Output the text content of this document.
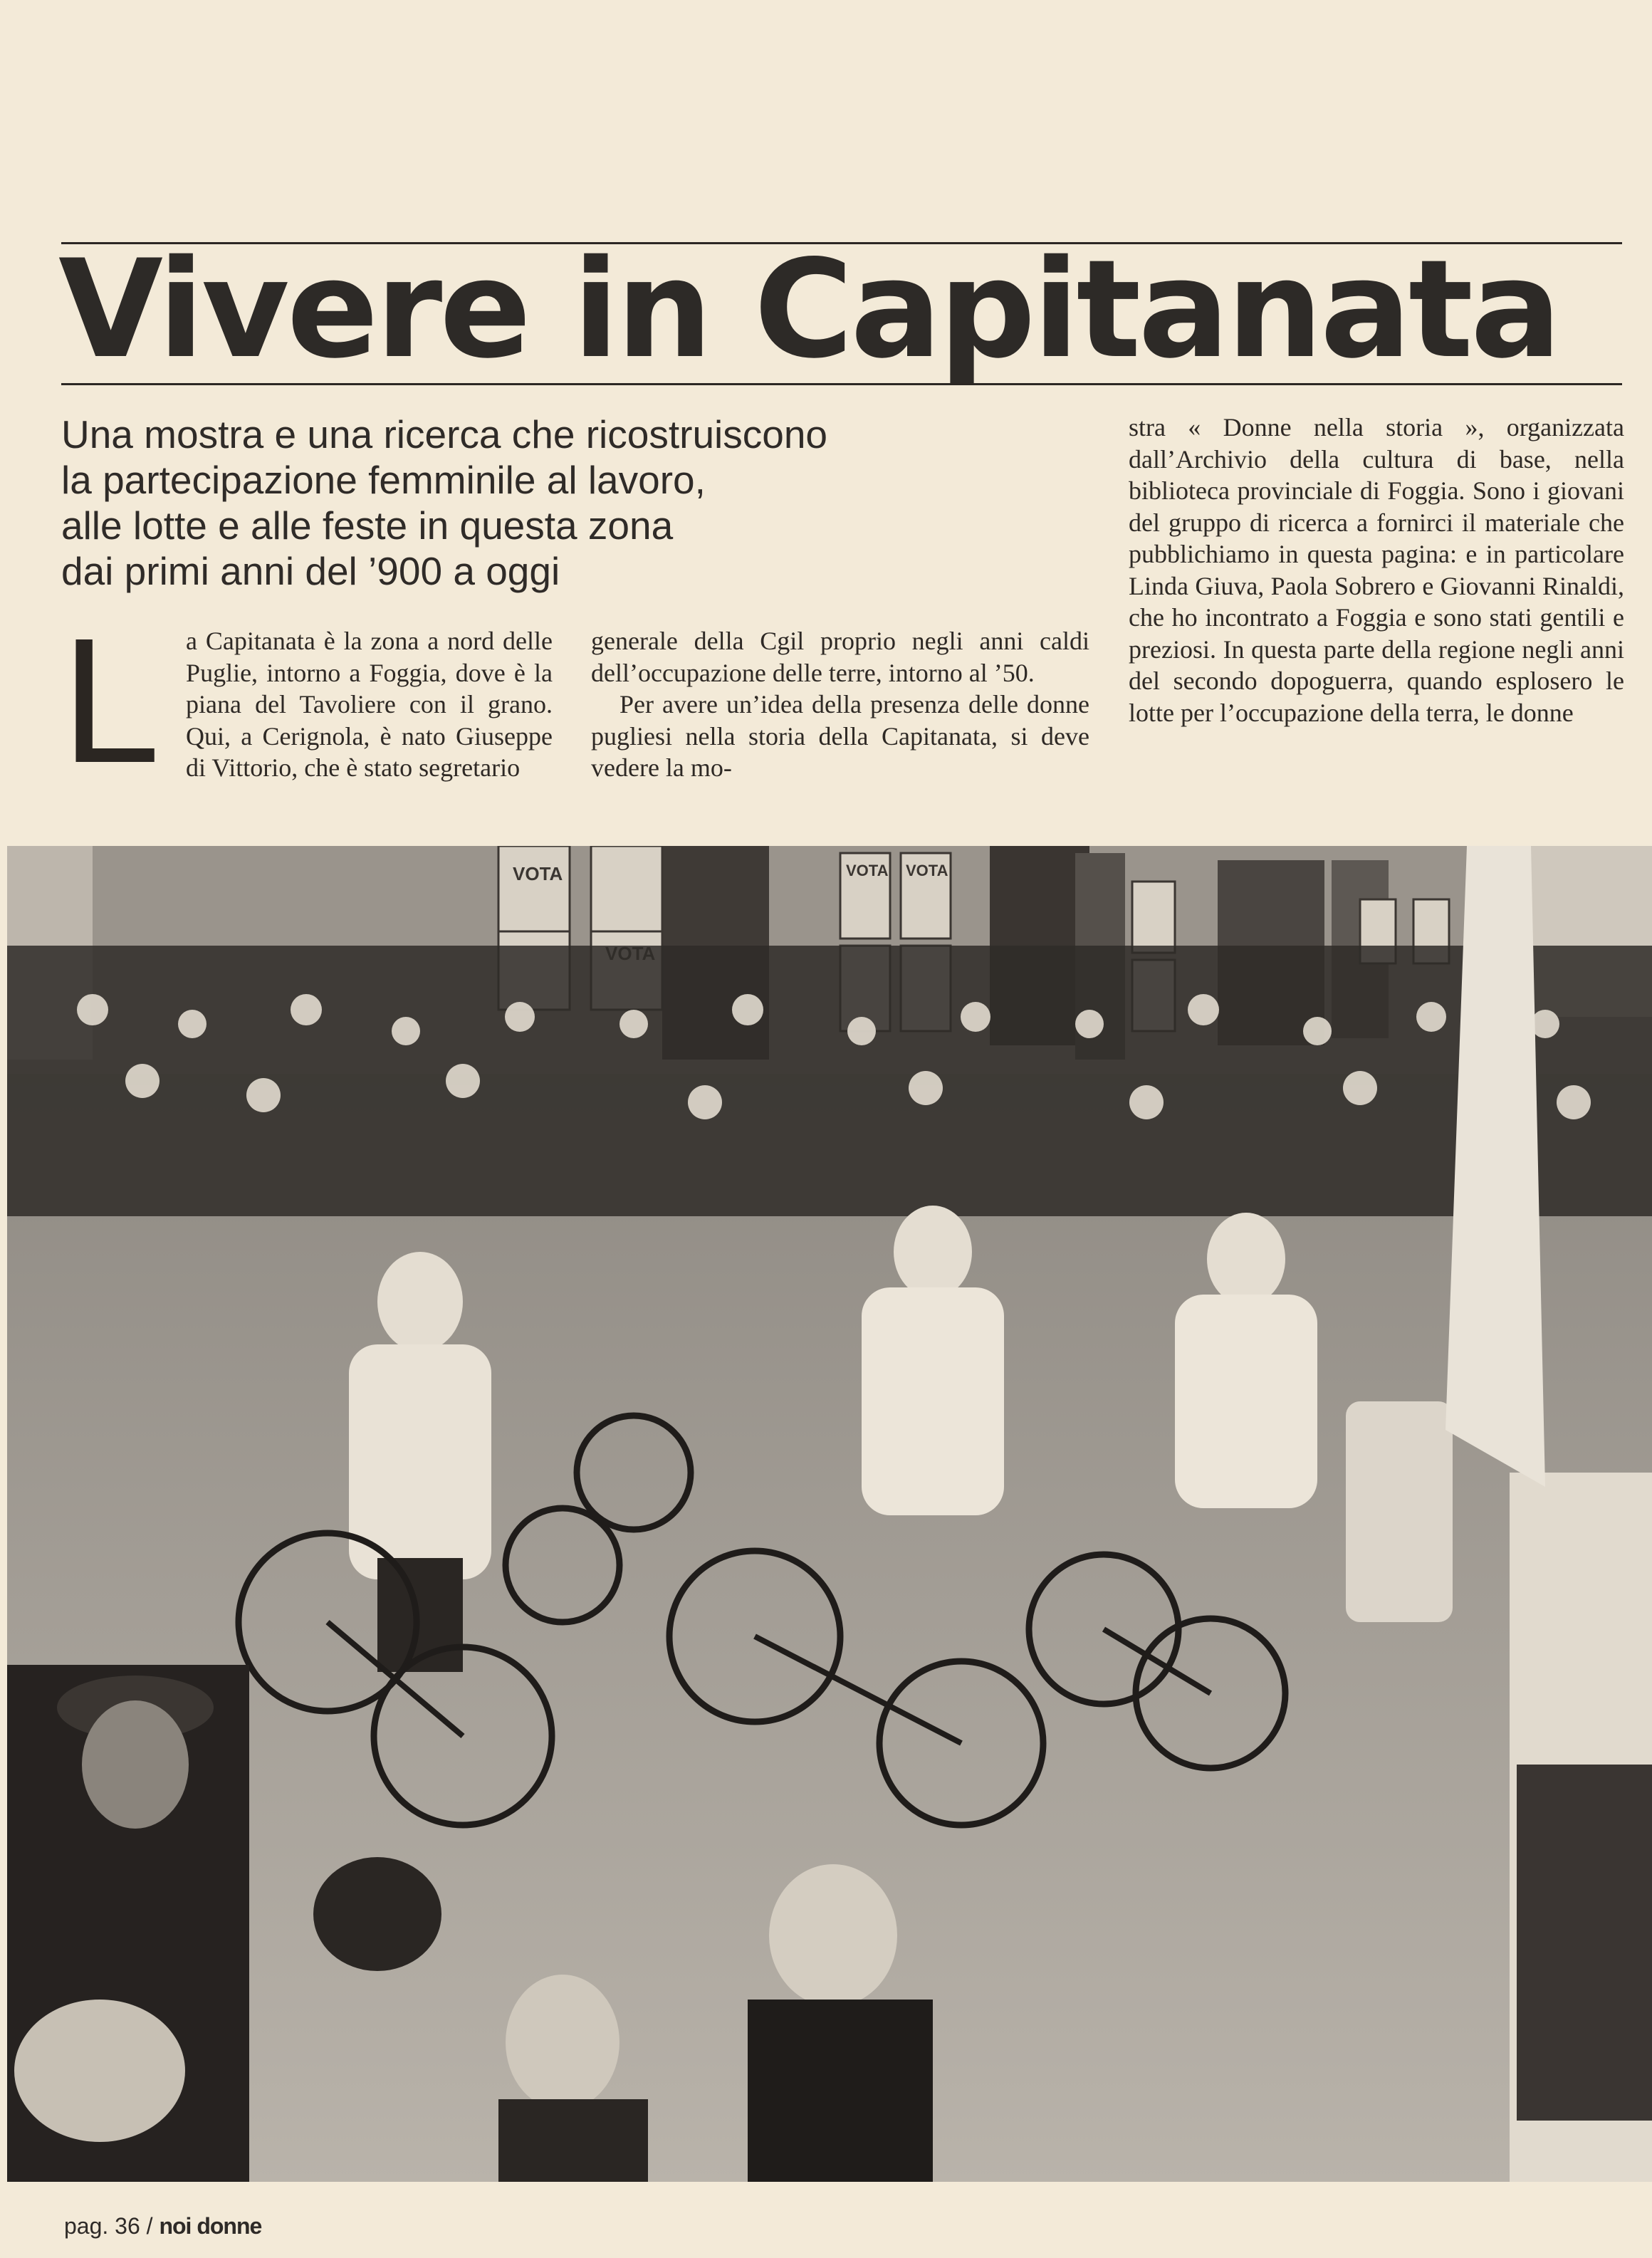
Vivere in Capitanata

Una mostra e una ricerca che ricostruiscono
la partecipazione femminile al lavoro,
alle lotte e alle feste in questa zona
dai primi anni del ’900 a oggi

L	a Capitanata è la zona a nord delle Puglie, intorno a Foggia, dove è la piana del Tavoliere con il grano. Qui, a Cerignola, è nato Giuseppe di Vittorio, che è stato segretario

generale della Cgil proprio negli anni caldi dell’occupazione delle terre, intorno al ’50.

Per avere un’idea della presenza delle donne pugliesi nella storia della Capitanata, si deve vedere la mo-

stra « Donne nella storia », organizzata dall’Archivio della cultura di base, nella biblioteca provinciale di Foggia. Sono i giovani del gruppo di ricerca a fornirci il materiale che pubblichiamo in questa pagina: e in particolare Linda Giuva, Paola Sobrero e Giovanni Rinaldi, che ho incontrato a Foggia e sono stati gentili e preziosi. In questa parte della regione negli anni del secondo dopoguerra, quando esplosero le lotte per l’occupazione della terra, le donne

VOTA	VOTA VOTA
pag. 36 / noi donne
